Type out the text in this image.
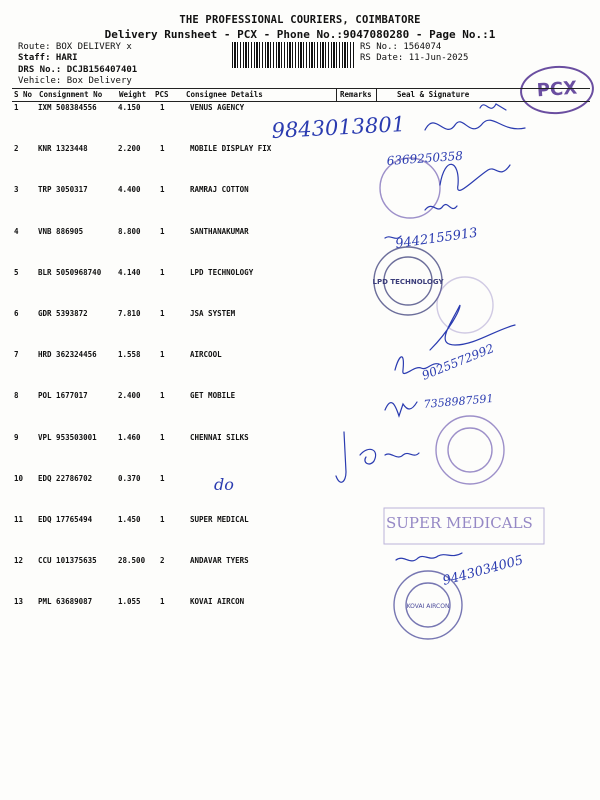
THE PROFESSIONAL COURIERS, COIMBATORE
Delivery Runsheet - PCX - Phone No.:9047080280 - Page No.:1
Route: BOX DELIVERY x
Staff: HARI
DRS No.: DCJB156407401
Vehicle: Box Delivery
RS No.: 1564074
RS Date: 11-Jun-2025
PCX
S No Consignment No Weight PCS Consignee Details	Remarks	Seal & Signature
1	IXM 508384556	4.150	1	VENUS AGENCY
2	KNR 1323448	2.200	1	MOBILE DISPLAY FIX
3	TRP 3050317	4.400	1	RAMRAJ COTTON
4	VNB 886905	8.800	1	SANTHANAKUMAR
5	BLR 5050968740 4.140	1	LPD TECHNOLOGY
6	GDR 5393872	7.810	1	JSA SYSTEM
7	HRD 362324456	1.558	1	AIRCOOL
8	POL 1677017	2.400	1	GET MOBILE
9	VPL 953503001	1.460	1	CHENNAI SILKS
10 EDQ 22786702	0.370	1
11 EDQ 17765494	1.450	1	SUPER MEDICAL
12 CCU 101375635	28.500 2	ANDAVAR TYERS
13 PML 63689087	1.055	1	KOVAI AIRCON
LPD TECHNOLOGY
SUPER MEDICALS
KOVAI AIRCON
9843013801
6369250358
9442155913
9025572992
7358987591
do
9443034005
